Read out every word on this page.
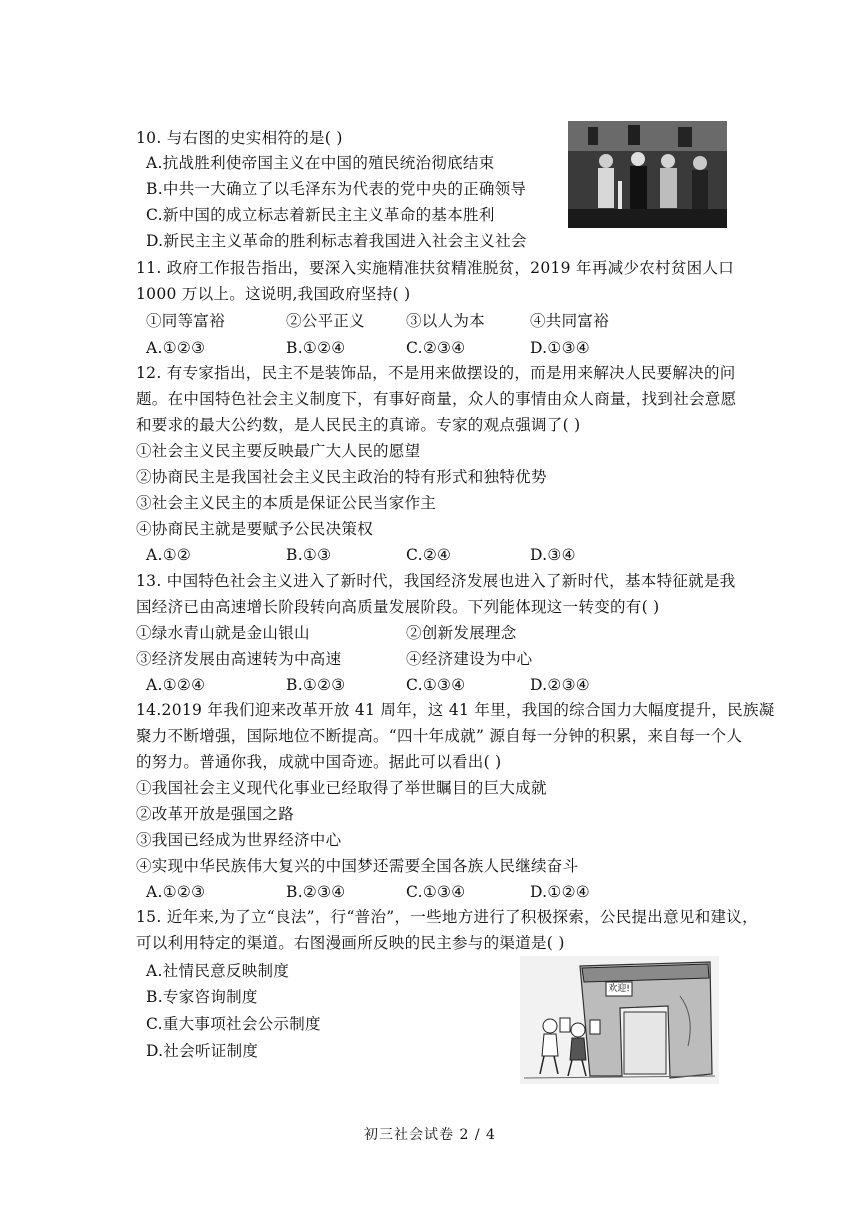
10. 与右图的史实相符的是( )
A.抗战胜利使帝国主义在中国的殖民统治彻底结束
B.中共一大确立了以毛泽东为代表的党中央的正确领导
C.新中国的成立标志着新民主主义革命的基本胜利
D.新民主主义革命的胜利标志着我国进入社会主义社会
11. 政府工作报告指出，要深入实施精准扶贫精准脱贫，2019 年再减少农村贫困人口
1000 万以上。这说明,我国政府坚持( )
①同等富裕	②公平正义	③以人为本	④共同富裕
A.①②③	B.①②④	C.②③④	D.①③④
12. 有专家指出，民主不是装饰品，不是用来做摆设的，而是用来解决人民要解决的问
题。在中国特色社会主义制度下，有事好商量，众人的事情由众人商量，找到社会意愿
和要求的最大公约数，是人民民主的真谛。专家的观点强调了( )
①社会主义民主要反映最广大人民的愿望
②协商民主是我国社会主义民主政治的特有形式和独特优势
③社会主义民主的本质是保证公民当家作主
④协商民主就是要赋予公民决策权
A.①②	B.①③	C.②④	D.③④
13. 中国特色社会主义进入了新时代，我国经济发展也进入了新时代，基本特征就是我
国经济已由高速增长阶段转向高质量发展阶段。下列能体现这一转变的有( )
①绿水青山就是金山银山	②创新发展理念
③经济发展由高速转为中高速	④经济建设为中心
A.①②④	B.①②③	C.①③④	D.②③④
14.2019 年我们迎来改革开放 41 周年，这 41 年里，我国的综合国力大幅度提升，民族凝
聚力不断增强，国际地位不断提高。“四十年成就” 源自每一分钟的积累，来自每一个人
的努力。普通你我，成就中国奇迹。据此可以看出( )
①我国社会主义现代化事业已经取得了举世瞩目的巨大成就
②改革开放是强国之路
③我国已经成为世界经济中心
④实现中华民族伟大复兴的中国梦还需要全国各族人民继续奋斗
A.①②③	B.②③④	C.①③④	D.①②④
15. 近年来,为了立“良法”，行“普治”，一些地方进行了积极探索，公民提出意见和建议，
可以利用特定的渠道。右图漫画所反映的民主参与的渠道是( )
A.社情民意反映制度
B.专家咨询制度
C.重大事项社会公示制度
D.社会听证制度
欢迎!
初三社会试卷 2 / 4
